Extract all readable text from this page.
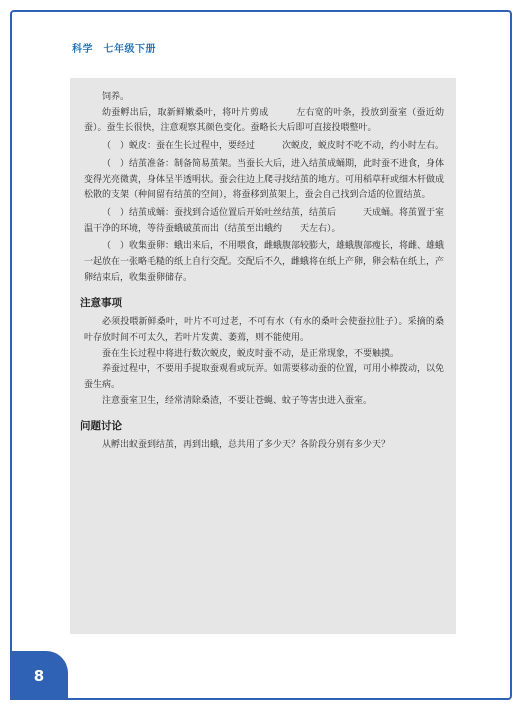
科学　七年级下册

饲养。

幼蚕孵出后，取新鲜嫩桑叶，将叶片剪成　　　左右宽的叶条，投放到蚕室（蚕近幼蚕）。蚕生长很快，注意观察其颜色变化。蚕略长大后即可直接投喂整叶。

（　）蜕皮：蚕在生长过程中，要经过　　　次蜕皮，蜕皮时不吃不动，约小时左右。

（　）结茧准备：制备简易茧架。当蚕长大后，进入结茧成蛹期，此时蚕不进食，身体变得光亮微黄，身体呈半透明状。蚕会往边上爬寻找结茧的地方。可用稻草秆或细木杆做成松散的支架（种间留有结茧的空间），将蚕移到茧架上，蚕会自己找到合适的位置结茧。

（　）结茧成蛹：蚕找到合适位置后开始吐丝结茧，结茧后　　　天成蛹。将茧置于室温干净的环境，等待蚕蛾破茧而出（结茧至出蛾约　　天左右）。

（　）收集蚕卵：蛾出来后，不用喂食，雌蛾腹部较膨大，雄蛾腹部瘦长，将雌、雄蛾一起放在一张略毛糙的纸上自行交配。交配后不久，雌蛾将在纸上产卵，卵会粘在纸上，产卵结束后，收集蚕卵储存。

注意事项

必须投喂新鲜桑叶，叶片不可过老，不可有水（有水的桑叶会使蚕拉肚子）。采摘的桑叶存放时间不可太久，若叶片发黄、萎蔫，则不能使用。

蚕在生长过程中将进行数次蜕皮，蜕皮时蚕不动，是正常现象，不要触摸。

养蚕过程中，不要用手捉取蚕观看或玩弄。如需要移动蚕的位置，可用小棒拨动，以免蚕生病。

注意蚕室卫生，经常清除桑渣，不要让苍蝇、蚊子等害虫进入蚕室。

问题讨论

从孵出蚁蚕到结茧，再到出蛾，总共用了多少天？各阶段分别有多少天？

8
